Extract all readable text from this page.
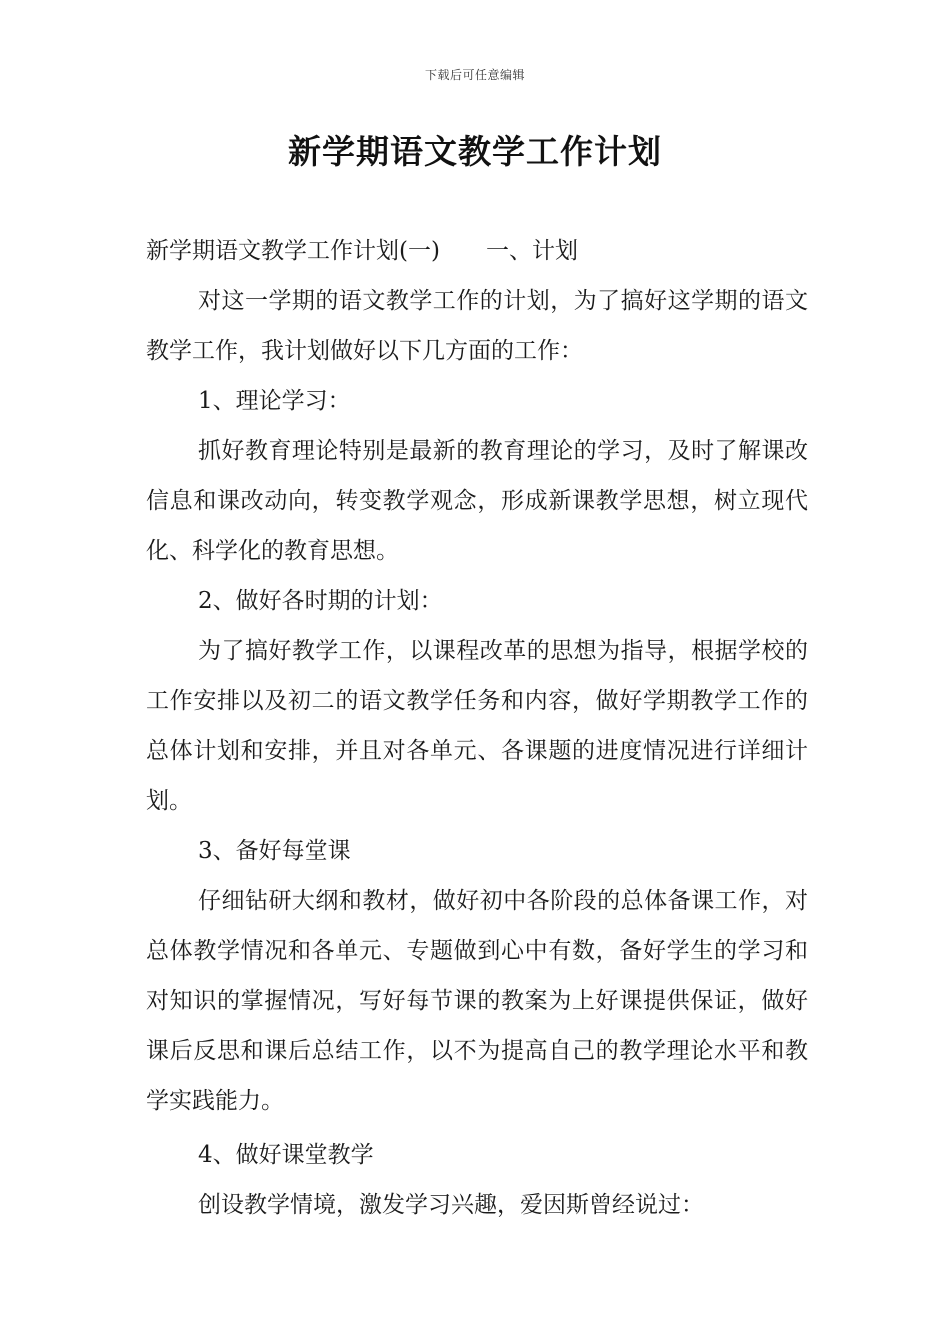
下载后可任意编辑
新学期语文教学工作计划

新学期语文教学工作计划(一)　　一、计划

对这一学期的语文教学工作的计划，为了搞好这学期的语文教学工作，我计划做好以下几方面的工作：

1、理论学习：

抓好教育理论特别是最新的教育理论的学习，及时了解课改信息和课改动向，转变教学观念，形成新课教学思想，树立现代化、科学化的教育思想。

2、做好各时期的计划：

为了搞好教学工作，以课程改革的思想为指导，根据学校的工作安排以及初二的语文教学任务和内容，做好学期教学工作的总体计划和安排，并且对各单元、各课题的进度情况进行详细计划。

3、备好每堂课

仔细钻研大纲和教材，做好初中各阶段的总体备课工作，对总体教学情况和各单元、专题做到心中有数，备好学生的学习和对知识的掌握情况，写好每节课的教案为上好课提供保证，做好课后反思和课后总结工作，以不为提高自己的教学理论水平和教学实践能力。

4、做好课堂教学

创设教学情境，激发学习兴趣，爱因斯曾经说过：
